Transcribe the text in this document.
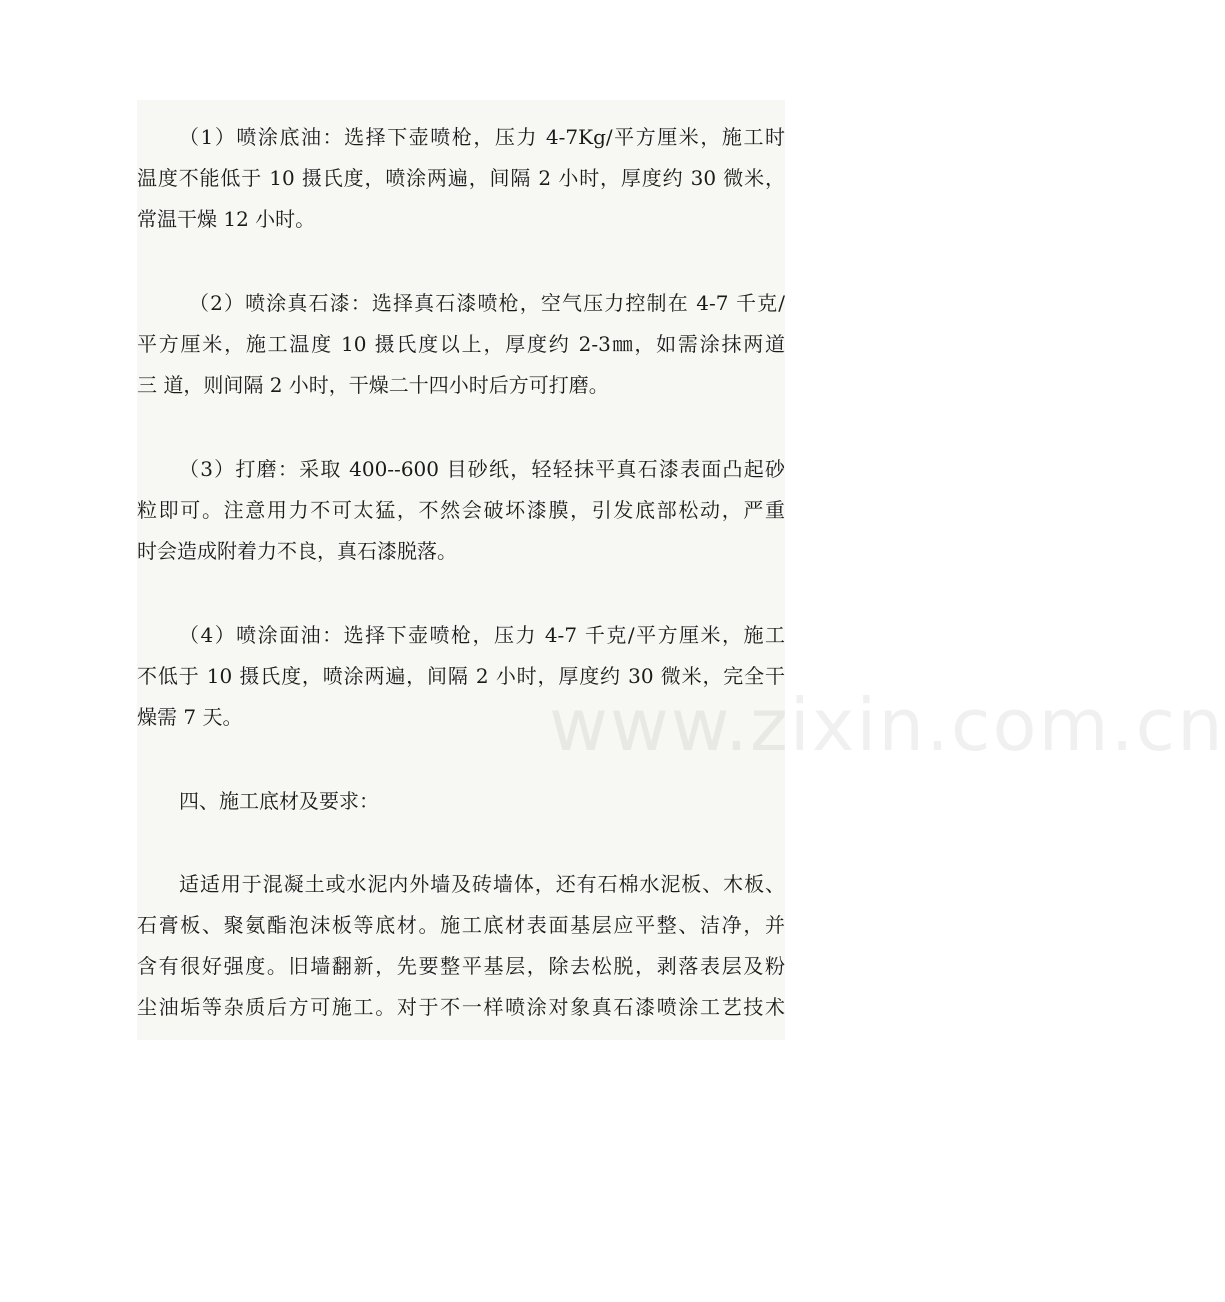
www.zixin.com.cn

（1）喷涂底油：选择下壶喷枪，压力 4-7Kg/平方厘米，施工时
温度不能低于 10 摄氏度，喷涂两遍，间隔 2 小时，厚度约 30 微米，
常温干燥 12 小时。

（2）喷涂真石漆：选择真石漆喷枪，空气压力控制在 4-7 千克/
平方厘米，施工温度 10 摄氏度以上，厚度约 2-3㎜，如需涂抹两道
三 道，则间隔 2 小时，干燥二十四小时后方可打磨。

（3）打磨：采取 400--600 目砂纸，轻轻抹平真石漆表面凸起砂
粒即可。注意用力不可太猛，不然会破坏漆膜，引发底部松动，严重
时会造成附着力不良，真石漆脱落。

（4）喷涂面油：选择下壶喷枪，压力 4-7 千克/平方厘米，施工
不低于 10 摄氏度，喷涂两遍，间隔 2 小时，厚度约 30 微米，完全干
燥需 7 天。

四、施工底材及要求：

适适用于混凝土或水泥内外墙及砖墙体，还有石棉水泥板、木板、
石膏板、聚氨酯泡沫板等底材。施工底材表面基层应平整、洁净，并
含有很好强度。旧墙翻新，先要整平基层，除去松脱，剥落表层及粉
尘油垢等杂质后方可施工。对于不一样喷涂对象真石漆喷涂工艺技术
